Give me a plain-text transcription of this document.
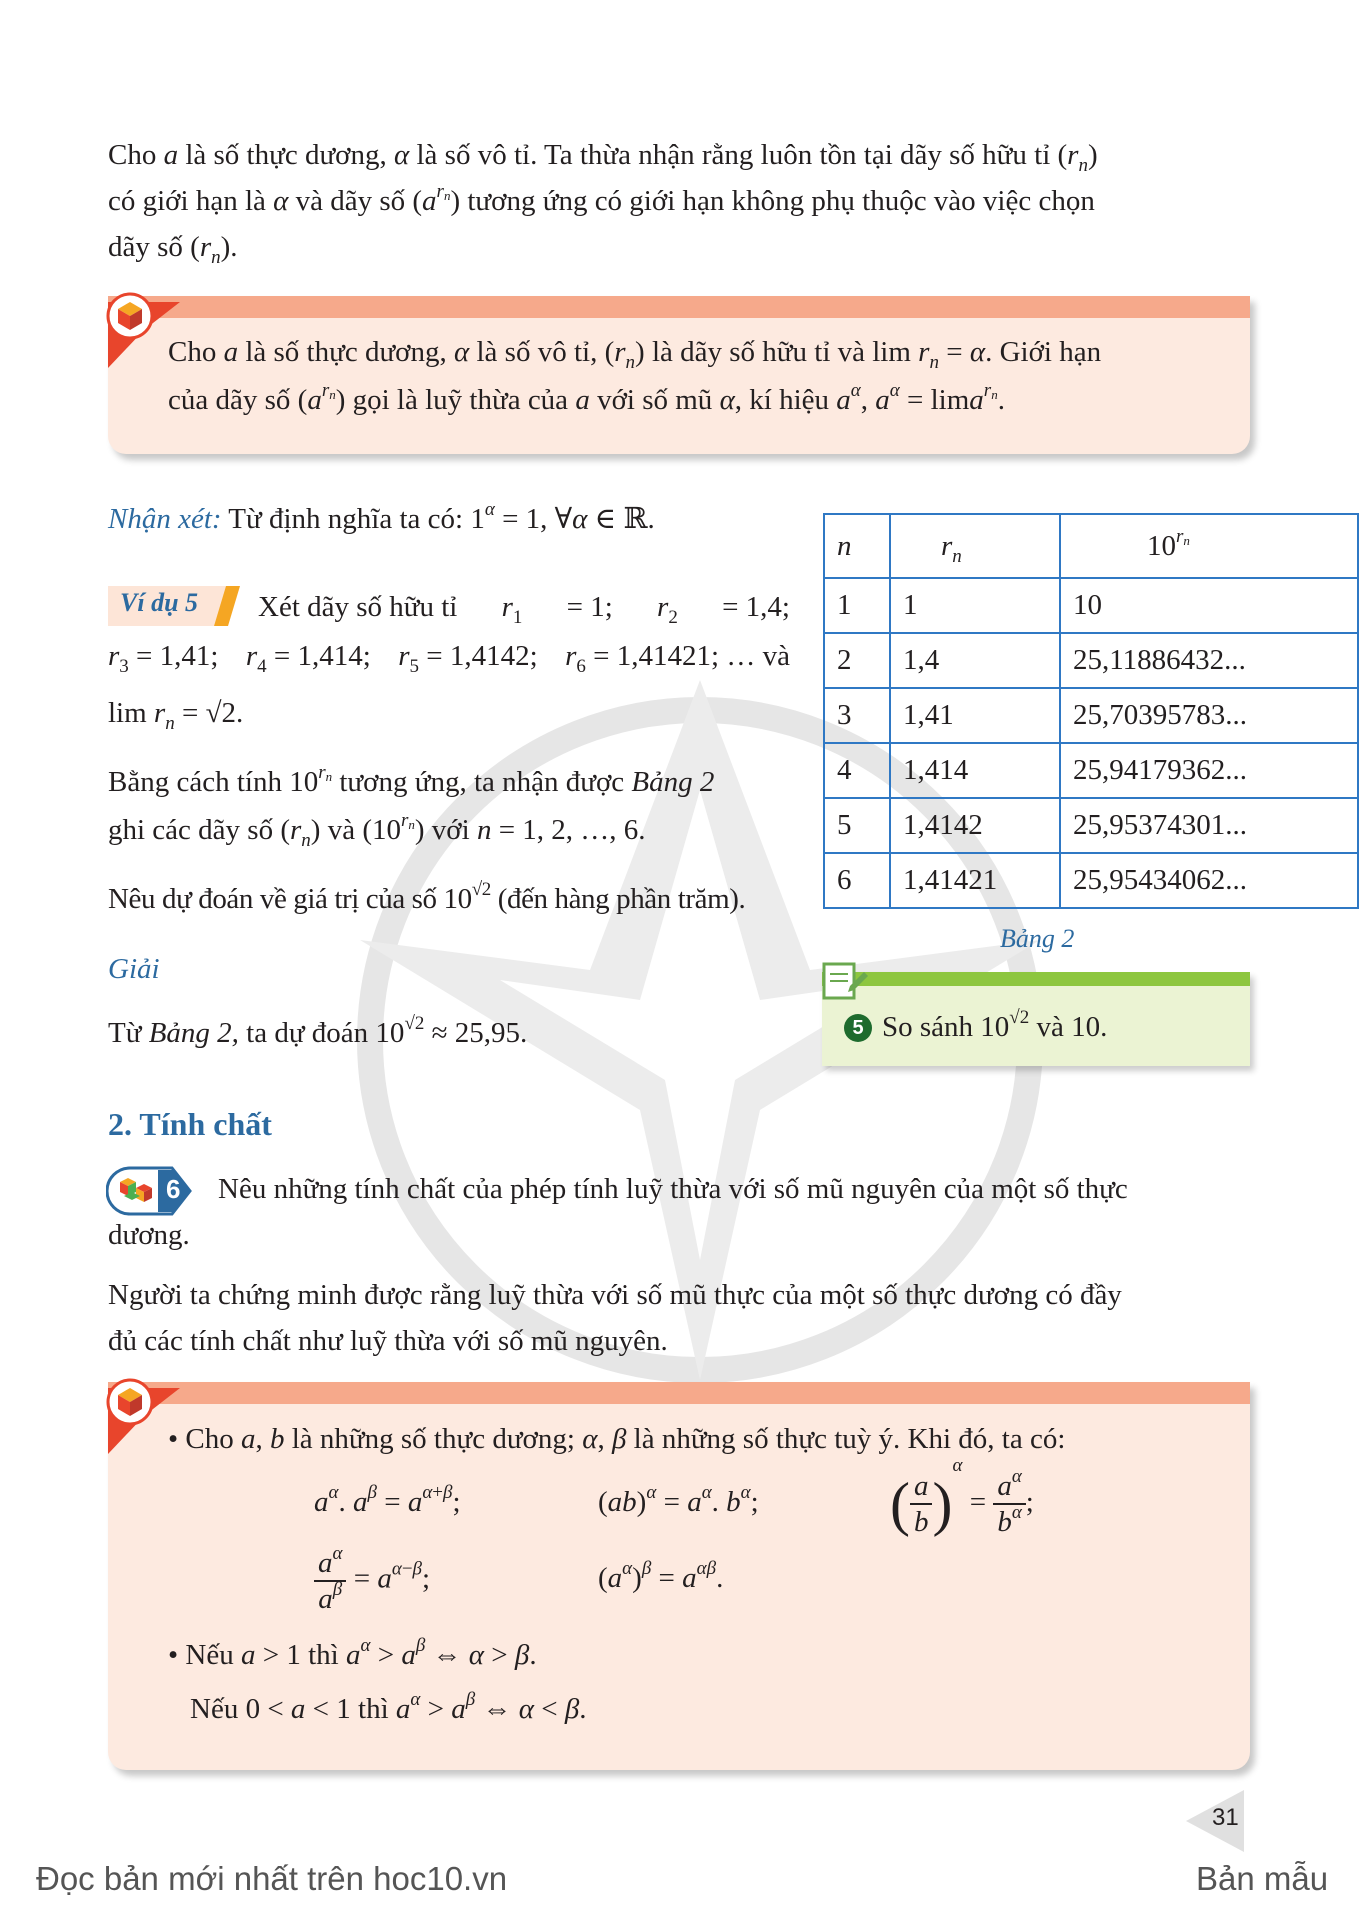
Cho a là số thực dương, α là số vô tỉ. Ta thừa nhận rằng luôn tồn tại dãy số hữu tỉ $(r_n)$
có giới hạn là α và dãy số $(a^{r_n})$ tương ứng có giới hạn không phụ thuộc vào việc chọn
dãy số $(r_n)$.
Cho a là số thực dương, α là số vô tỉ, $(r_n)$ là dãy số hữu tỉ và $\lim r_n = \alpha$. Giới hạn
của dãy số $(a^{r_n})$ gọi là luỹ thừa của a với số mũ α, kí hiệu $a^\alpha$, $a^\alpha = \lim a^{r_n}$.
Nhận xét: Từ định nghĩa ta có: $1^\alpha = 1$, ∀α ∈ ℝ.
Ví dụ 5 Xét dãy số hữu tỉ $r_1 = 1$; $r_2 = 1,4$;
$r_3 = 1,41$; $r_4 = 1,414$; $r_5 = 1,4142$; $r_6 = 1,41421$; … và
$\lim r_n = √2$.
Bằng cách tính $10^{r_n}$ tương ứng, ta nhận được Bảng 2
ghi các dãy số $(r_n)$ và $(10^{r_n})$ với n = 1, 2, …, 6.
Nêu dự đoán về giá trị của số $10^{√2}$ (đến hàng phần trăm).
Giải
Từ Bảng 2, ta dự đoán $10^{√2} \approx 25,95$.
n	$r_n$	$10^{r_n}$
1	1	10
2	1,4	25,11886432...
3	1,41	25,70395783...
4	1,414	25,94179362...
5	1,4142	25,95374301...
6	1,41421	25,95434062...
Bảng 2
5 So sánh $10^{√2}$ và 10.
2. Tính chất
6	Nêu những tính chất của phép tính luỹ thừa với số mũ nguyên của một số thực
dương.
Người ta chứng minh được rằng luỹ thừa với số mũ thực của một số thực dương có đầy
đủ các tính chất như luỹ thừa với số mũ nguyên.
• Cho a, b là những số thực dương; α, β là những số thực tuỳ ý. Khi đó, ta có:
$a^\alpha$. $a^\beta = a^{\alpha+\beta}$;	$(ab)^\alpha = a^\alpha$. $b^\alpha$; ( $\frac{a}{b} )^\alpha = \frac{a^\alpha}{b^\alpha}$ ;
$\frac{a^\alpha}{a^\beta} = a^{\alpha-\beta}$;	$(a^\alpha)^\beta = a^{\alpha\beta}$.
• Nếu a > 1 thì $a^\alpha > a^\beta$ ⇔ α > β.
Nếu 0 < a < 1 thì $a^\alpha > a^\beta$ ⇔ α < β.
31
Đọc bản mới nhất trên hoc10.vn	Bản mẫu
